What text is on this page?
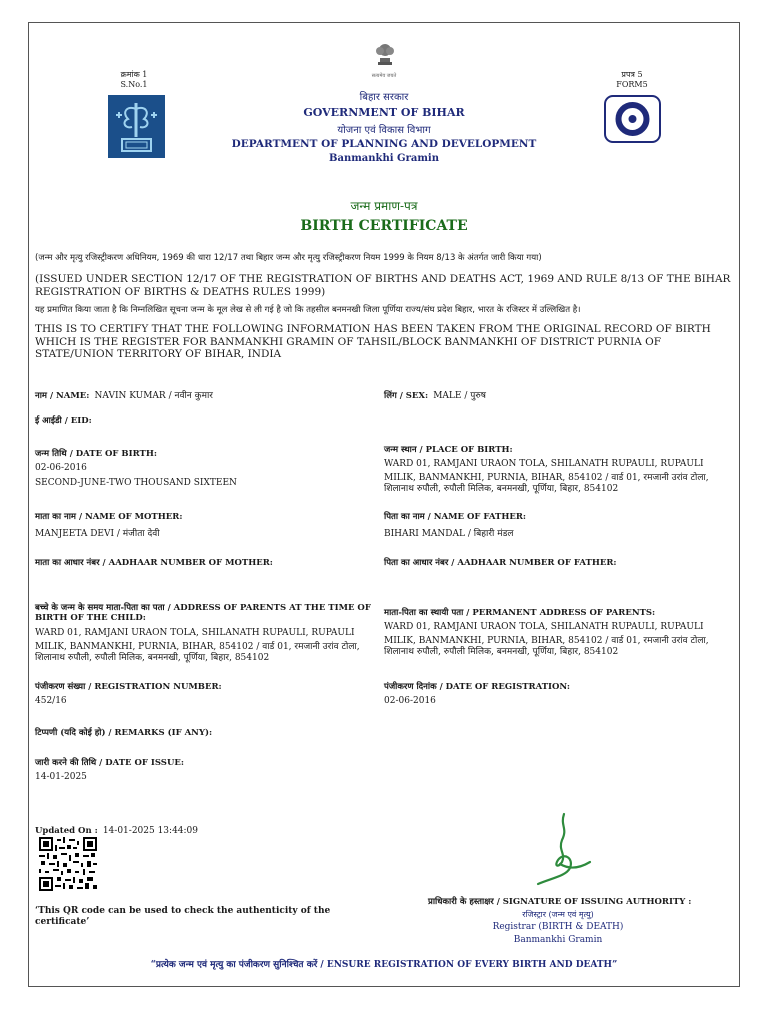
सत्यमेव जयते
क्रमांक 1
S.No.1
प्रपत्र 5
FORM5
बिहार सरकार
GOVERNMENT OF BIHAR
योजना एवं विकास विभाग
DEPARTMENT OF PLANNING AND DEVELOPMENT
Banmankhi Gramin
जन्म प्रमाण-पत्र
BIRTH CERTIFICATE
(जन्म और मृत्यु रजिस्ट्रीकरण अधिनियम, 1969 की धारा 12/17 तथा बिहार जन्म और मृत्यु रजिस्ट्रीकरण नियम 1999 के नियम 8/13 के अंतर्गत जारी किया गया)
(ISSUED UNDER SECTION 12/17 OF THE REGISTRATION OF BIRTHS AND DEATHS ACT, 1969 AND RULE 8/13 OF THE BIHAR REGISTRATION OF BIRTHS & DEATHS RULES 1999)
यह प्रमाणित किया जाता है कि निम्नलिखित सूचना जन्म के मूल लेख से ली गई है जो कि तहसील बनमनखी जिला पूर्णिया राज्य/संघ प्रदेश बिहार, भारत के रजिस्टर में उल्लिखित है।
THIS IS TO CERTIFY THAT THE FOLLOWING INFORMATION HAS BEEN TAKEN FROM THE ORIGINAL RECORD OF BIRTH WHICH IS THE REGISTER FOR BANMANKHI GRAMIN OF TAHSIL/BLOCK BANMANKHI OF DISTRICT PURNIA OF STATE/UNION TERRITORY OF BIHAR, INDIA
नाम / NAME: NAVIN KUMAR / नवीन कुमार	लिंग / SEX: MALE / पुरुष
ई आईडी / EID:
जन्म तिथि / DATE OF BIRTH:
02-06-2016
SECOND-JUNE-TWO THOUSAND SIXTEEN
जन्म स्थान / PLACE OF BIRTH:
WARD 01, RAMJANI URAON TOLA, SHILANATH RUPAULI, RUPAULI
MILIK, BANMANKHI, PURNIA, BIHAR, 854102 / वार्ड 01, रमजानी उरांव टोला,
शिलानाथ रुपौली, रुपौली मिलिक, बनमनखी, पूर्णिया, बिहार, 854102
माता का नाम / NAME OF MOTHER:
MANJEETA DEVI / मंजीता देवी
पिता का नाम / NAME OF FATHER:
BIHARI MANDAL / बिहारी मंडल
माता का आधार नंबर / AADHAAR NUMBER OF MOTHER:	पिता का आधार नंबर / AADHAAR NUMBER OF FATHER:
बच्चे के जन्म के समय माता-पिता का पता / ADDRESS OF PARENTS AT THE TIME OF
BIRTH OF THE CHILD:
WARD 01, RAMJANI URAON TOLA, SHILANATH RUPAULI, RUPAULI
MILIK, BANMANKHI, PURNIA, BIHAR, 854102 / वार्ड 01, रमजानी उरांव टोला,
शिलानाथ रुपौली, रुपौली मिलिक, बनमनखी, पूर्णिया, बिहार, 854102
माता-पिता का स्थायी पता / PERMANENT ADDRESS OF PARENTS:
WARD 01, RAMJANI URAON TOLA, SHILANATH RUPAULI, RUPAULI
MILIK, BANMANKHI, PURNIA, BIHAR, 854102 / वार्ड 01, रमजानी उरांव टोला,
शिलानाथ रुपौली, रुपौली मिलिक, बनमनखी, पूर्णिया, बिहार, 854102
पंजीकरण संख्या / REGISTRATION NUMBER:
452/16
पंजीकरण दिनांक / DATE OF REGISTRATION:
02-06-2016
टिप्पणी (यदि कोई हो) / REMARKS (IF ANY):
जारी करने की तिथि / DATE OF ISSUE:
14-01-2025
Updated On : 14-01-2025 13:44:09
‘This QR code can be used to check the authenticity of the
certificate’
प्राधिकारी के हस्ताक्षर / SIGNATURE OF ISSUING AUTHORITY :
रजिस्ट्रार (जन्म एवं मृत्यु)
Registrar (BIRTH & DEATH)
Banmankhi Gramin
“प्रत्येक जन्म एवं मृत्यु का पंजीकरण सुनिश्चित करें / ENSURE REGISTRATION OF EVERY BIRTH AND DEATH”
